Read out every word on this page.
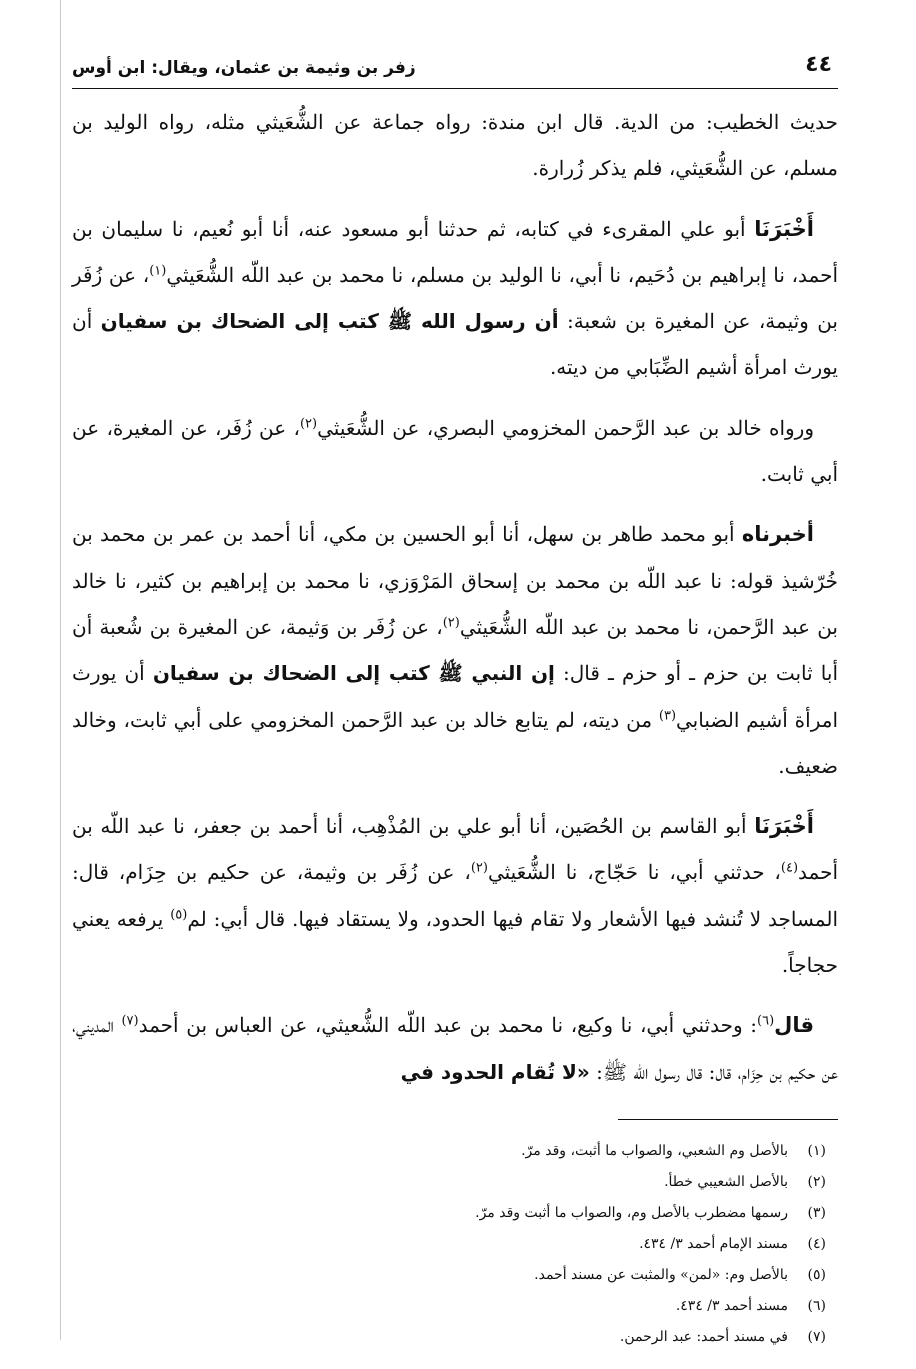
٤٤
زفر بن وثيمة بن عثمان، ويقال: ابن أوس

حديث الخطيب: من الدية. قال ابن مندة: رواه جماعة عن الشُّعَيثي مثله، رواه الوليد بن مسلم، عن الشُّعَيثي، فلم يذكر زُرارة.

أَخْبَرَنَا أبو علي المقرىء في كتابه، ثم حدثنا أبو مسعود عنه، أنا أبو نُعيم، نا سليمان بن أحمد، نا إبراهيم بن دُحَيم، نا أبي، نا الوليد بن مسلم، نا محمد بن عبد اللّه الشُّعَيثي$^{(١)}$، عن زُفَر بن وثيمة، عن المغيرة بن شعبة: أن رسول الله ﷺ كتب إلى الضحاك بن سفيان أن يورث امرأة أشيم الضِّبَابي من ديته.

ورواه خالد بن عبد الرَّحمن المخزومي البصري، عن الشُّعَيثي$^{(٢)}$، عن زُفَر، عن المغيرة، عن أبي ثابت.

أخبرناه أبو محمد طاهر بن سهل، أنا أبو الحسين بن مكي، أنا أحمد بن عمر بن محمد بن خُرّشيذ قوله: نا عبد اللّه بن محمد بن إسحاق المَرْوَزي، نا محمد بن إبراهيم بن كثير، نا خالد بن عبد الرَّحمن، نا محمد بن عبد اللّه الشُّعَيثي$^{(٢)}$، عن زُفَر بن وَثيمة، عن المغيرة بن شُعبة أن أبا ثابت بن حزم ـ أو حزم ـ قال: إن النبي ﷺ كتب إلى الضحاك بن سفيان أن يورث امرأة أشيم الضبابي$^{(٣)}$ من ديته، لم يتابع خالد بن عبد الرَّحمن المخزومي على أبي ثابت، وخالد ضعيف.

أَخْبَرَنَا أبو القاسم بن الحُصَين، أنا أبو علي بن المُذْهِب، أنا أحمد بن جعفر، نا عبد اللّه بن أحمد$^{(٤)}$، حدثني أبي، نا حَجّاج، نا الشُّعَيثي$^{(٢)}$، عن زُفَر بن وثيمة، عن حكيم بن حِزَام، قال: المساجد لا تُنشد فيها الأشعار ولا تقام فيها الحدود، ولا يستقاد فيها. قال أبي: لم$^{(٥)}$ يرفعه يعني حجاجاً.

قال$^{(٦)}$: وحدثني أبي، نا وكيع، نا محمد بن عبد اللّه الشُّعيثي، عن العباس بن أحمد$^{(٧)}$ المديني، عن حكيم بن حِزَام، قال: قال رسول الله ﷺ: «لا تُقام الحدود في

(١)
بالأصل وم الشعبي، والصواب ما أثبت، وقد مرّ.
(٢)
بالأصل الشعيبي خطأ.
(٣)
رسمها مضطرب بالأصل وم، والصواب ما أثبت وقد مرّ.
(٤)
مسند الإمام أحمد ٣/ ٤٣٤.
(٥)
بالأصل وم: «لمن» والمثبت عن مسند أحمد.
(٦)
مسند أحمد ٣/ ٤٣٤.
(٧)
في مسند أحمد: عبد الرحمن.
